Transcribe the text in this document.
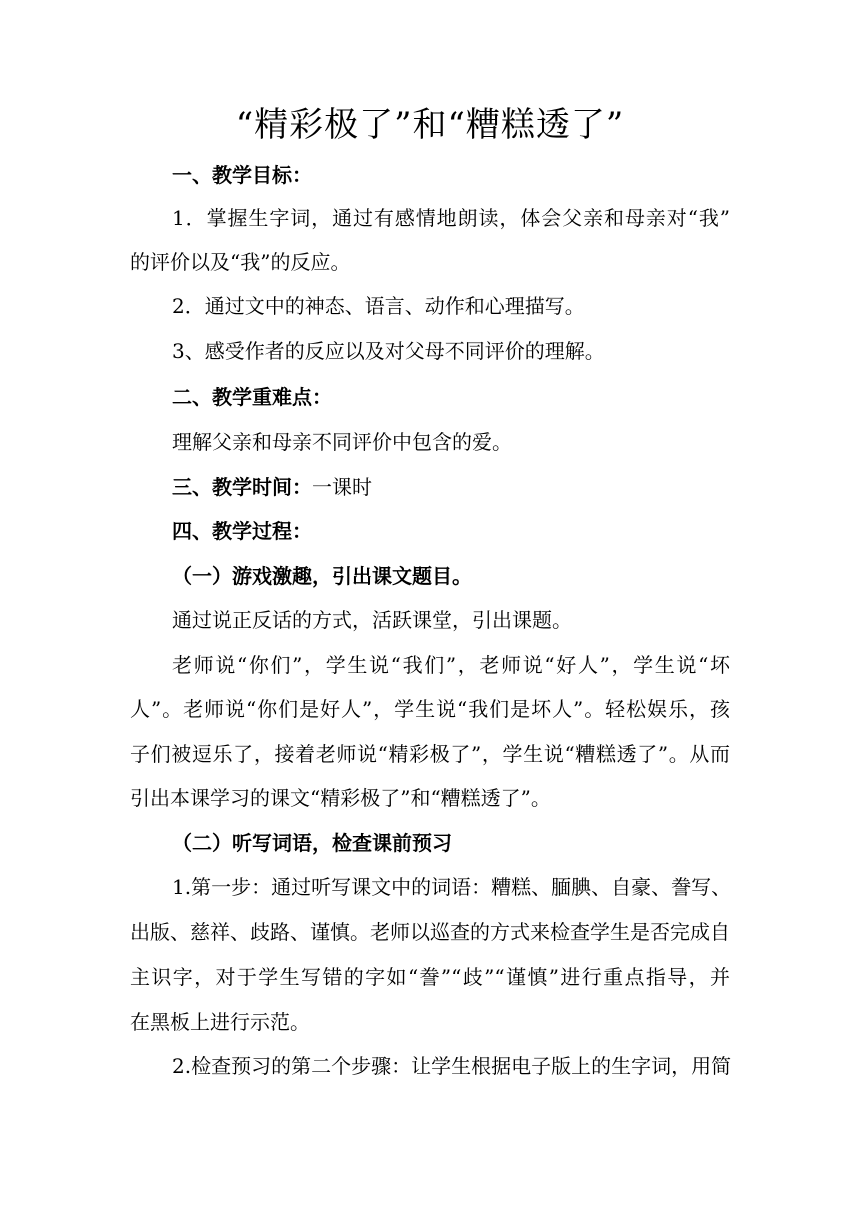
“精彩极了”和“糟糕透了”
一、教学目标：
1．掌握生字词，通过有感情地朗读，体会父亲和母亲对“我”
的评价以及“我”的反应。
2．通过文中的神态、语言、动作和心理描写。
3、感受作者的反应以及对父母不同评价的理解。
二、教学重难点：
理解父亲和母亲不同评价中包含的爱。
三、教学时间：一课时
四、教学过程：
（一）游戏激趣，引出课文题目。
通过说正反话的方式，活跃课堂，引出课题。
老师说“你们”，学生说“我们”，老师说“好人”，学生说“坏
人”。老师说“你们是好人”，学生说“我们是坏人”。轻松娱乐，孩
子们被逗乐了，接着老师说“精彩极了”，学生说“糟糕透了”。从而
引出本课学习的课文“精彩极了”和“糟糕透了”。
（二）听写词语，检查课前预习
1.第一步：通过听写课文中的词语：糟糕、腼腆、自豪、誊写、
出版、慈祥、歧路、谨慎。老师以巡查的方式来检查学生是否完成自
主识字，对于学生写错的字如“誊”“歧”“谨慎”进行重点指导，并
在黑板上进行示范。
2.检查预习的第二个步骤：让学生根据电子版上的生字词，用简
